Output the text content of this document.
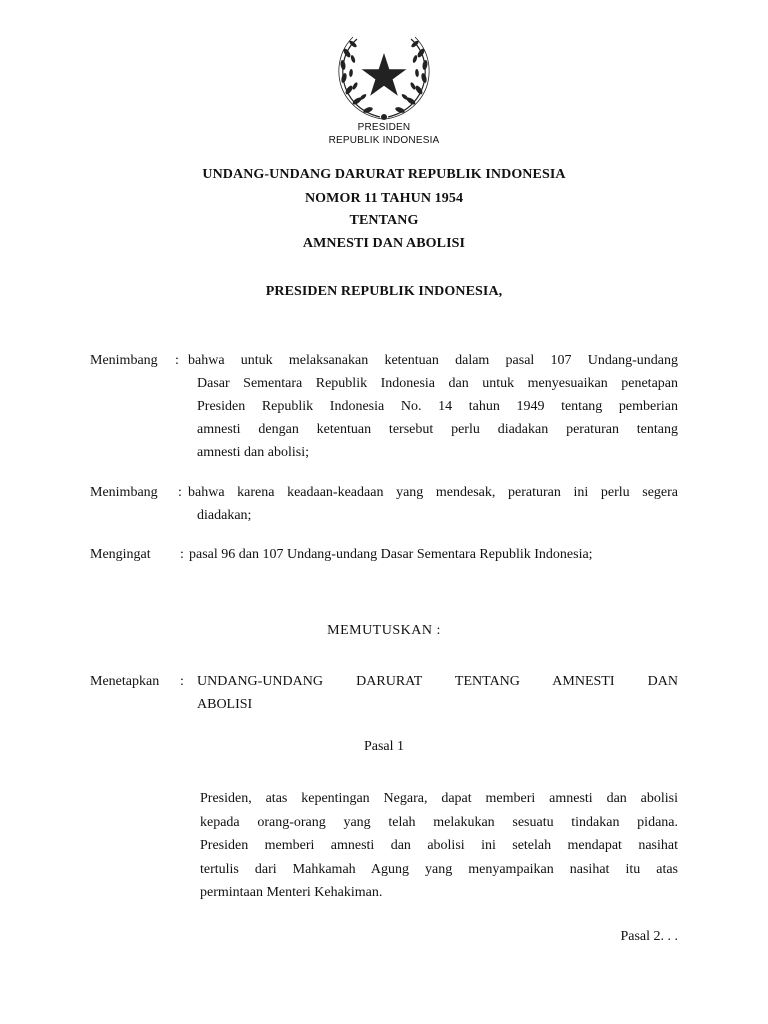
PRESIDEN
REPUBLIK INDONESIA
UNDANG-UNDANG DARURAT REPUBLIK INDONESIA
NOMOR 11 TAHUN 1954
TENTANG
AMNESTI DAN ABOLISI
PRESIDEN REPUBLIK INDONESIA,
Menimbang	: bahwa untuk melaksanakan ketentuan dalam pasal 107 Undang-undang
Dasar Sementara Republik Indonesia dan untuk menyesuaikan penetapan
Presiden Republik Indonesia No. 14 tahun 1949 tentang pemberian
amnesti dengan ketentuan tersebut perlu diadakan peraturan tentang
amnesti dan abolisi;
Menimbang	: bahwa karena keadaan-keadaan yang mendesak, peraturan ini perlu segera
diadakan;
Mengingat	: pasal 96 dan 107 Undang-undang Dasar Sementara Republik Indonesia;
MEMUTUSKAN :
Menetapkan	: UNDANG-UNDANG DARURAT TENTANG AMNESTI DAN
ABOLISI
Pasal 1
Presiden, atas kepentingan Negara, dapat memberi amnesti dan abolisi
kepada orang-orang yang telah melakukan sesuatu tindakan pidana.
Presiden memberi amnesti dan abolisi ini setelah mendapat nasihat
tertulis dari Mahkamah Agung yang menyampaikan nasihat itu atas
permintaan Menteri Kehakiman.
Pasal 2. . .
